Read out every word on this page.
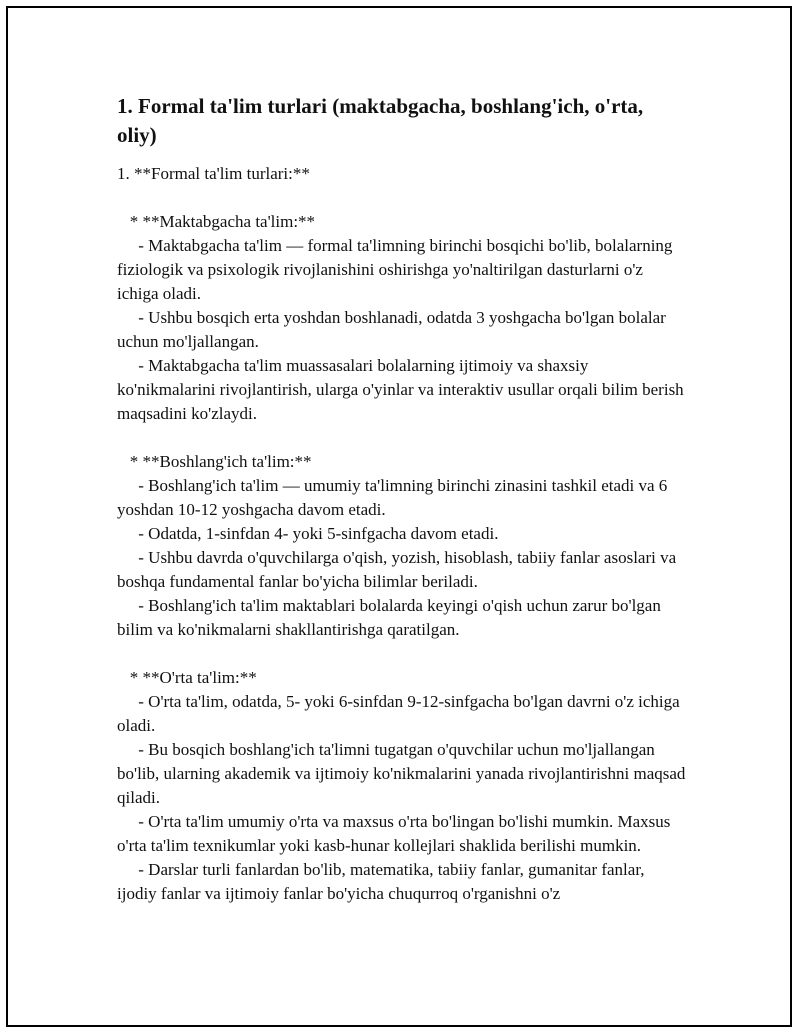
1. Formal ta'lim turlari (maktabgacha, boshlang'ich, o'rta, oliy)
1. **Formal ta'lim turlari:**

* **Maktabgacha ta'lim:**
- Maktabgacha ta'lim — formal ta'limning birinchi bosqichi bo'lib, bolalarning fiziologik va psixologik rivojlanishini oshirishga yo'naltirilgan dasturlarni o'z ichiga oladi.
- Ushbu bosqich erta yoshdan boshlanadi, odatda 3 yoshgacha bo'lgan bolalar uchun mo'ljallangan.
- Maktabgacha ta'lim muassasalari bolalarning ijtimoiy va shaxsiy ko'nikmalarini rivojlantirish, ularga o'yinlar va interaktiv usullar orqali bilim berish maqsadini ko'zlaydi.

* **Boshlang'ich ta'lim:**
- Boshlang'ich ta'lim — umumiy ta'limning birinchi zinasini tashkil etadi va 6 yoshdan 10-12 yoshgacha davom etadi.
- Odatda, 1-sinfdan 4- yoki 5-sinfgacha davom etadi.
- Ushbu davrda o'quvchilarga o'qish, yozish, hisoblash, tabiiy fanlar asoslari va boshqa fundamental fanlar bo'yicha bilimlar beriladi.
- Boshlang'ich ta'lim maktablari bolalarda keyingi o'qish uchun zarur bo'lgan bilim va ko'nikmalarni shakllantirishga qaratilgan.

* **O'rta ta'lim:**
- O'rta ta'lim, odatda, 5- yoki 6-sinfdan 9-12-sinfgacha bo'lgan davrni o'z ichiga oladi.
- Bu bosqich boshlang'ich ta'limni tugatgan o'quvchilar uchun mo'ljallangan bo'lib, ularning akademik va ijtimoiy ko'nikmalarini yanada rivojlantirishni maqsad qiladi.
- O'rta ta'lim umumiy o'rta va maxsus o'rta bo'lingan bo'lishi mumkin. Maxsus o'rta ta'lim texnikumlar yoki kasb-hunar kollejlari shaklida berilishi mumkin.
- Darslar turli fanlardan bo'lib, matematika, tabiiy fanlar, gumanitar fanlar, ijodiy fanlar va ijtimoiy fanlar bo'yicha chuqurroq o'rganishni o'z
